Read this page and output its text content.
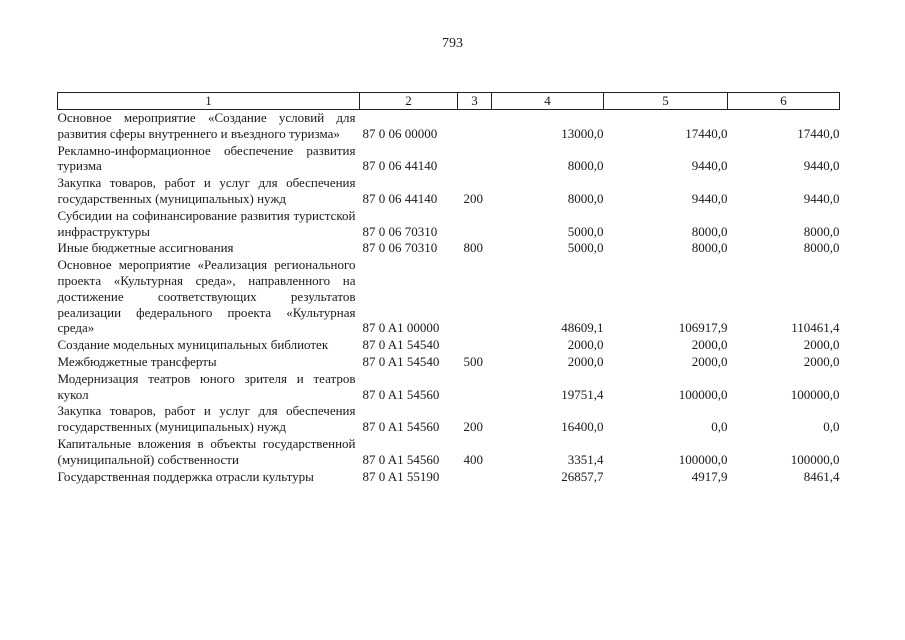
793
1	2	3	4	5	6
Основное мероприятие «Создание условий для развития сферы внутреннего и въездного туризма»	87 0 06 00000		13000,0	17440,0	17440,0
Рекламно-информационное обеспечение развития туризма	87 0 06 44140		8000,0	9440,0	9440,0
Закупка товаров, работ и услуг для обеспечения государственных (муниципальных) нужд	87 0 06 44140	200	8000,0	9440,0	9440,0
Субсидии на софинансирование развития туристской инфраструктуры	87 0 06 70310		5000,0	8000,0	8000,0
Иные бюджетные ассигнования	87 0 06 70310	800	5000,0	8000,0	8000,0
Основное мероприятие «Реализация регионального проекта «Культурная среда», направленного на достижение соответствующих результатов реализации федерального проекта «Культурная среда»	87 0 A1 00000		48609,1	106917,9	110461,4
Создание модельных муниципальных библиотек	87 0 A1 54540		2000,0	2000,0	2000,0
Межбюджетные трансферты	87 0 A1 54540	500	2000,0	2000,0	2000,0
Модернизация театров юного зрителя и театров кукол	87 0 A1 54560		19751,4	100000,0	100000,0
Закупка товаров, работ и услуг для обеспечения государственных (муниципальных) нужд	87 0 A1 54560	200	16400,0	0,0	0,0
Капитальные вложения в объекты государственной (муниципальной) собственности	87 0 A1 54560	400	3351,4	100000,0	100000,0
Государственная поддержка отрасли культуры	87 0 A1 55190		26857,7	4917,9	8461,4
